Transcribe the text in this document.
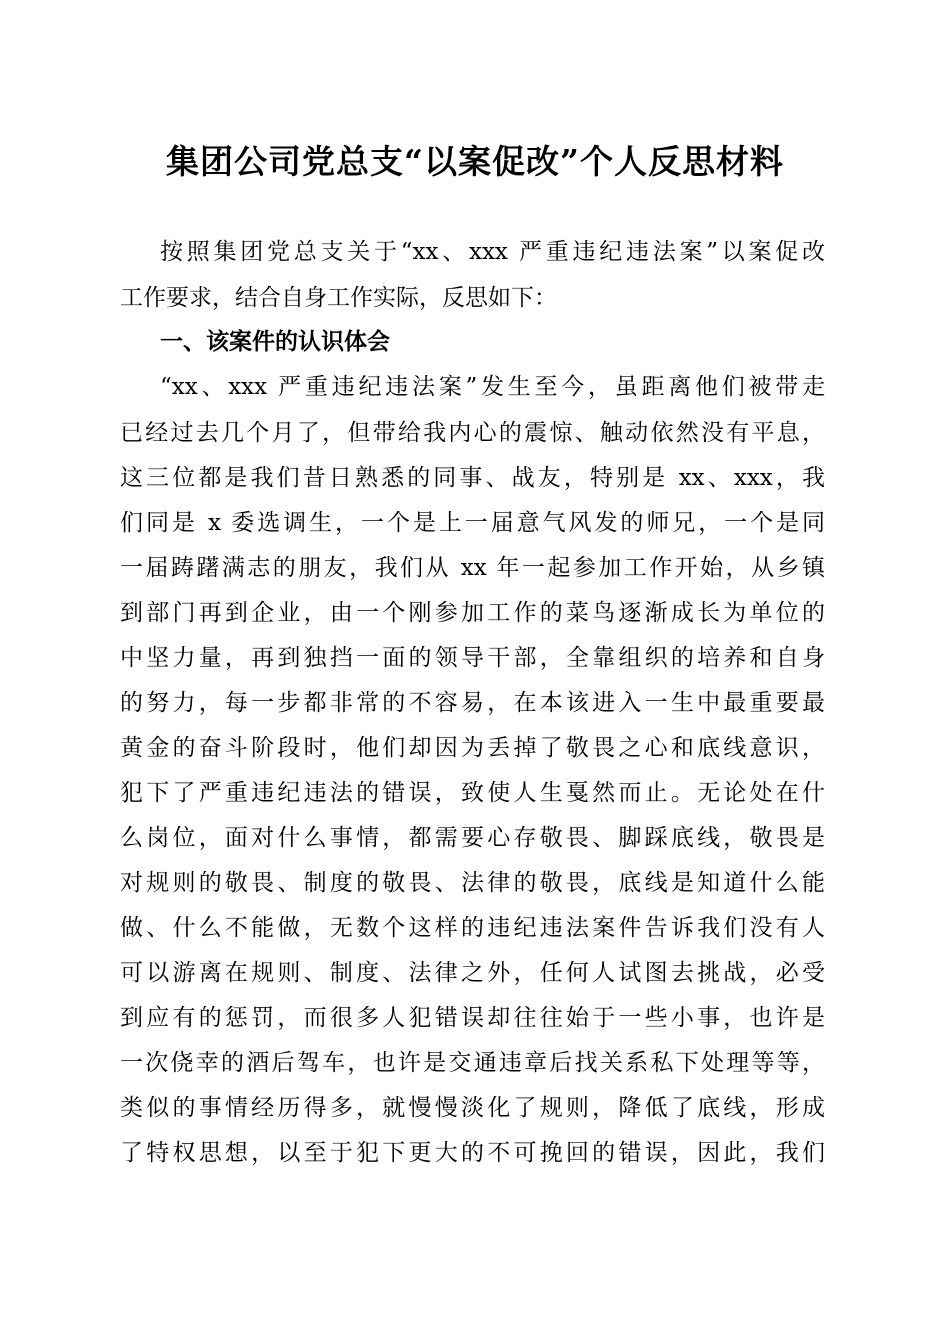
集团公司党总支“以案促改”个人反思材料
按照集团党总支关于“xx、xxx 严重违纪违法案”以案促改
工作要求，结合自身工作实际，反思如下：
一、该案件的认识体会
“xx、xxx 严重违纪违法案”发生至今，虽距离他们被带走
已经过去几个月了，但带给我内心的震惊、触动依然没有平息，
这三位都是我们昔日熟悉的同事、战友，特别是 xx、xxx，我
们同是 x 委选调生，一个是上一届意气风发的师兄，一个是同
一届踌躇满志的朋友，我们从 xx 年一起参加工作开始，从乡镇
到部门再到企业，由一个刚参加工作的菜鸟逐渐成长为单位的
中坚力量，再到独挡一面的领导干部，全靠组织的培养和自身
的努力，每一步都非常的不容易，在本该进入一生中最重要最
黄金的奋斗阶段时，他们却因为丢掉了敬畏之心和底线意识，
犯下了严重违纪违法的错误，致使人生戛然而止。无论处在什
么岗位，面对什么事情，都需要心存敬畏、脚踩底线，敬畏是
对规则的敬畏、制度的敬畏、法律的敬畏，底线是知道什么能
做、什么不能做，无数个这样的违纪违法案件告诉我们没有人
可以游离在规则、制度、法律之外，任何人试图去挑战，必受
到应有的惩罚，而很多人犯错误却往往始于一些小事，也许是
一次侥幸的酒后驾车，也许是交通违章后找关系私下处理等等，
类似的事情经历得多，就慢慢淡化了规则，降低了底线，形成
了特权思想，以至于犯下更大的不可挽回的错误，因此，我们
